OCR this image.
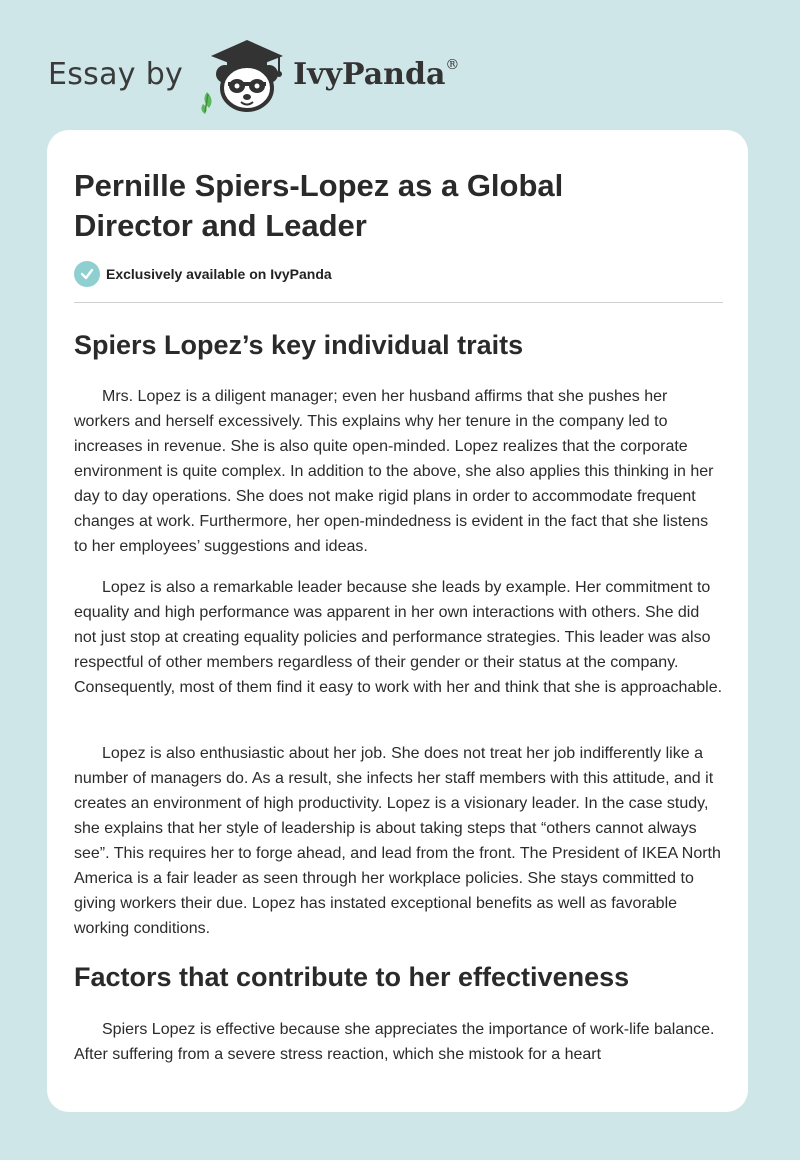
Essay by	IvyPanda®
Pernille Spiers-Lopez as a Global Director and Leader
Exclusively available on IvyPanda
Spiers Lopez’s key individual traits

Mrs. Lopez is a diligent manager; even her husband affirms that she pushes her workers and herself excessively. This explains why her tenure in the company led to increases in revenue. She is also quite open-minded. Lopez realizes that the corporate environment is quite complex. In addition to the above, she also applies this thinking in her day to day operations. She does not make rigid plans in order to accommodate frequent changes at work. Furthermore, her open-mindedness is evident in the fact that she listens to her employees’ suggestions and ideas.

Lopez is also a remarkable leader because she leads by example. Her commitment to equality and high performance was apparent in her own interactions with others. She did not just stop at creating equality policies and performance strategies. This leader was also respectful of other members regardless of their gender or their status at the company. Consequently, most of them find it easy to work with her and think that she is approachable.

Lopez is also enthusiastic about her job. She does not treat her job indifferently like a number of managers do. As a result, she infects her staff members with this attitude, and it creates an environment of high productivity. Lopez is a visionary leader. In the case study, she explains that her style of leadership is about taking steps that “others cannot always see”. This requires her to forge ahead, and lead from the front. The President of IKEA North America is a fair leader as seen through her workplace policies. She stays committed to giving workers their due. Lopez has instated exceptional benefits as well as favorable working conditions.

Factors that contribute to her effectiveness

Spiers Lopez is effective because she appreciates the importance of work-life balance. After suffering from a severe stress reaction, which she mistook for a heart
